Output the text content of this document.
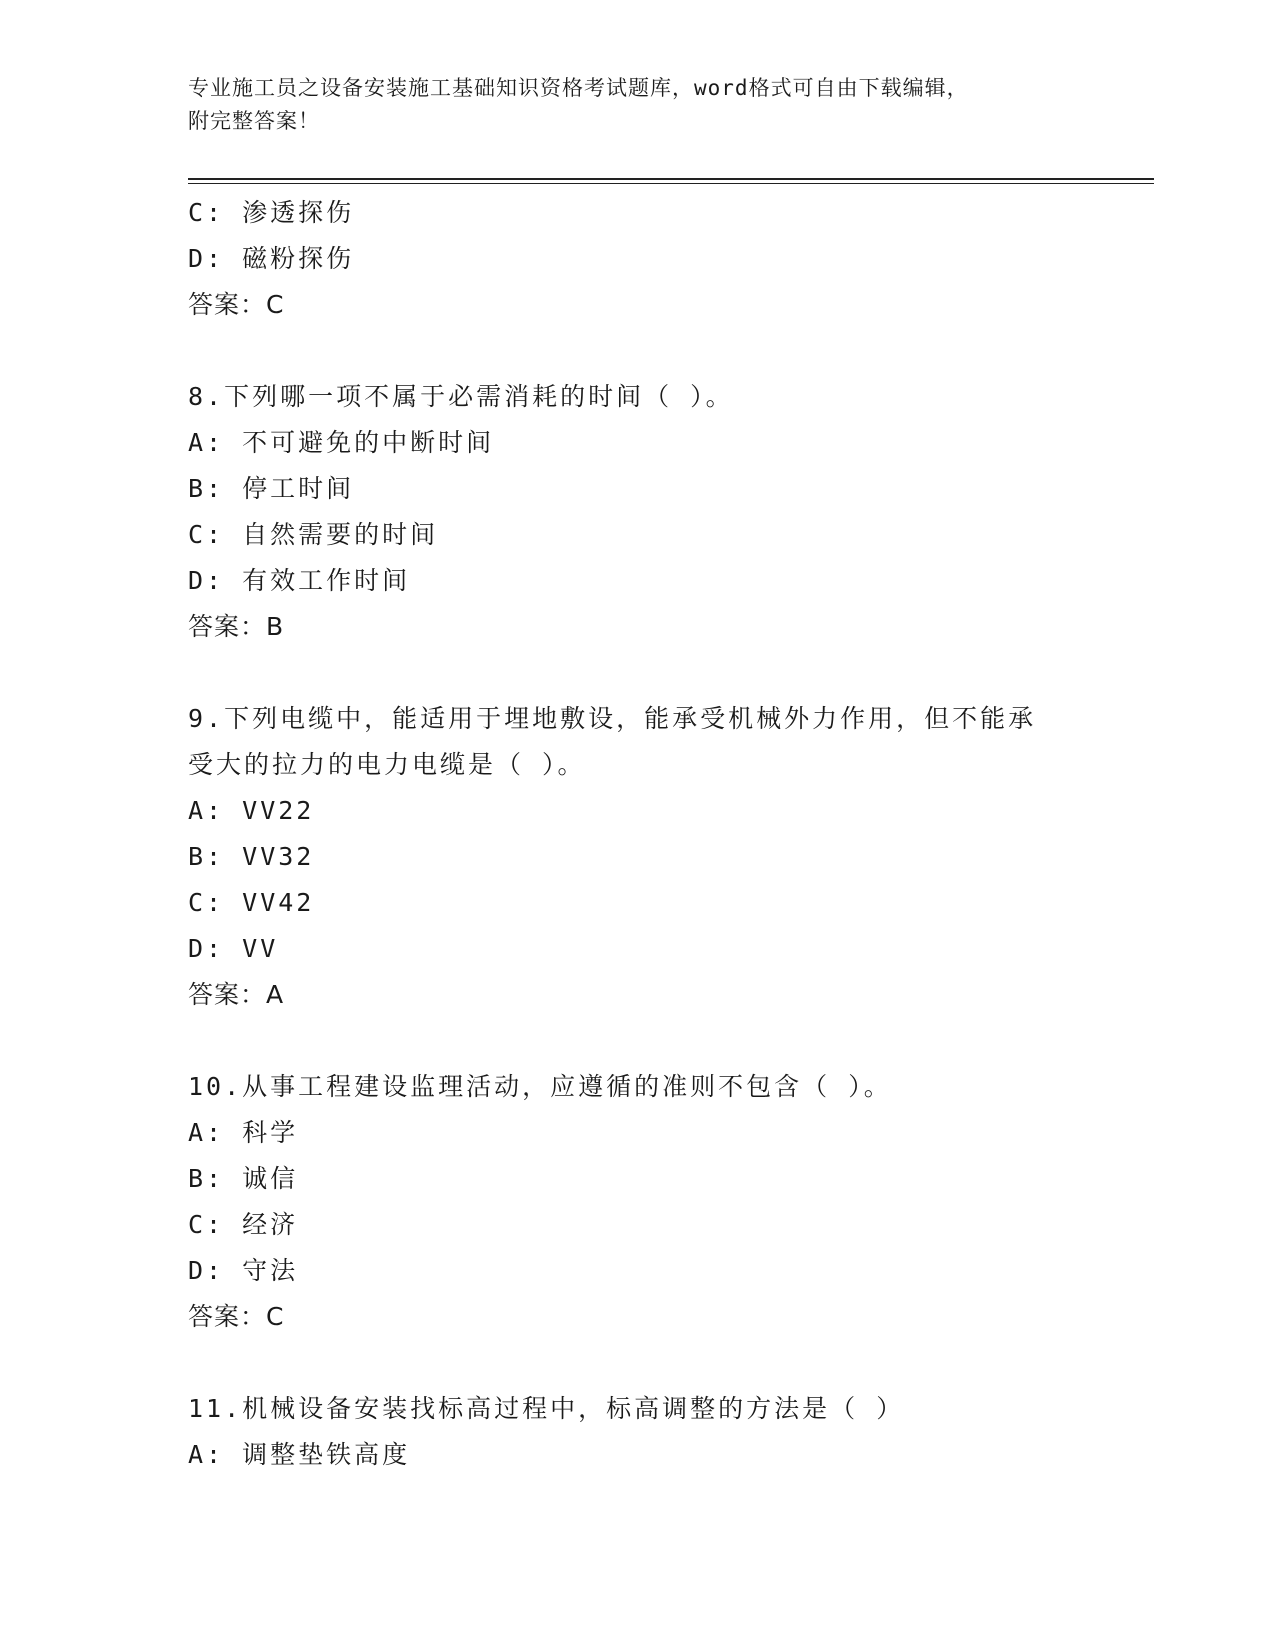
专业施工员之设备安装施工基础知识资格考试题库，word格式可自由下载编辑，
附完整答案！
C: 渗透探伤
D: 磁粉探伤
答案：C
8.下列哪一项不属于必需消耗的时间（ ）。
A: 不可避免的中断时间
B: 停工时间
C: 自然需要的时间
D: 有效工作时间
答案：B
9.下列电缆中，能适用于埋地敷设，能承受机械外力作用，但不能承
受大的拉力的电力电缆是（ ）。
A: VV22
B: VV32
C: VV42
D: VV
答案：A
10.从事工程建设监理活动，应遵循的准则不包含（ ）。
A: 科学
B: 诚信
C: 经济
D: 守法
答案：C
11.机械设备安装找标高过程中，标高调整的方法是（ ）
A: 调整垫铁高度
